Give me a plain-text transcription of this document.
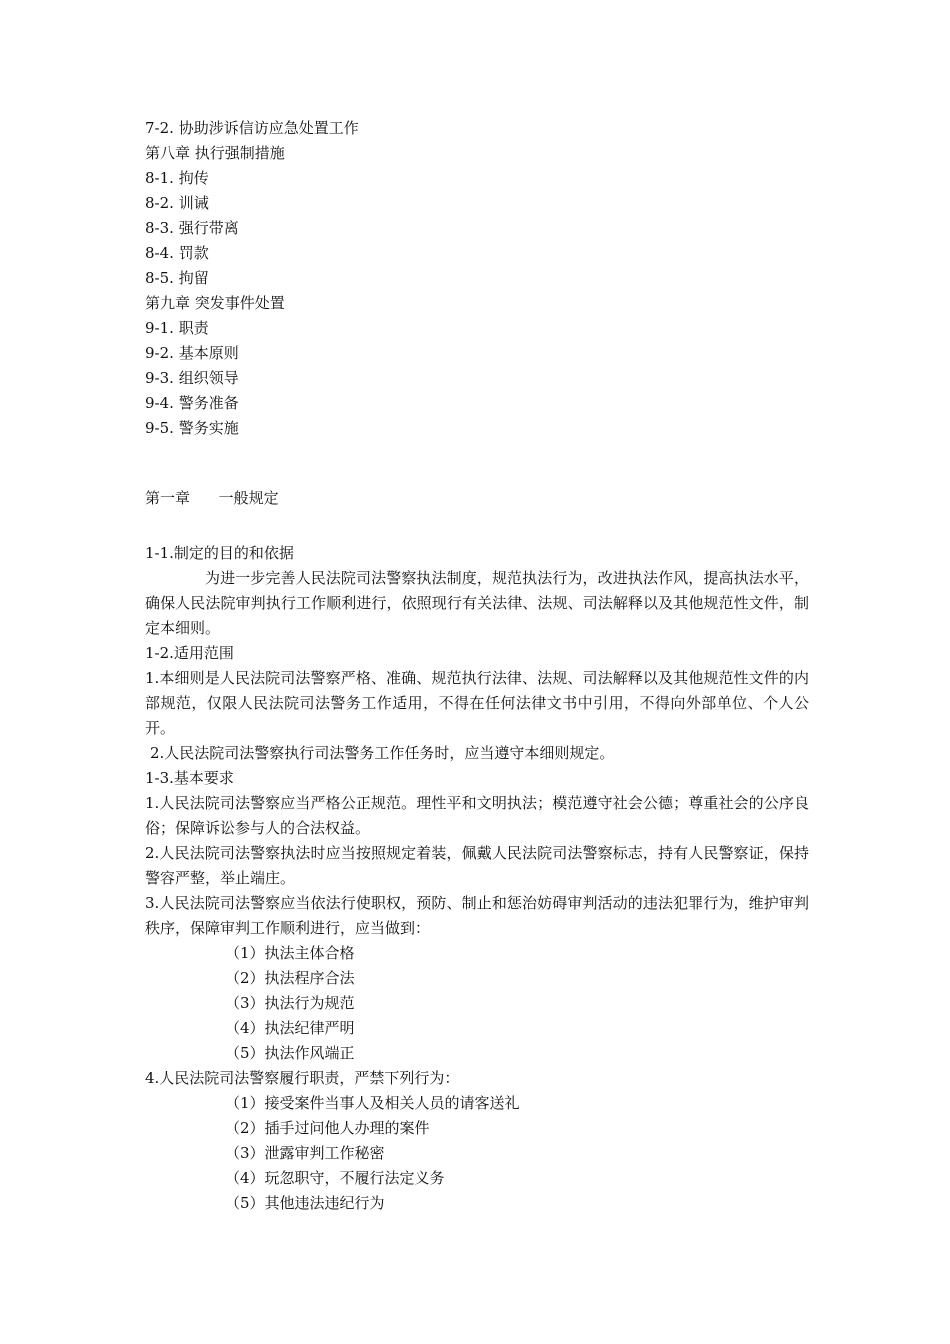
7-2. 协助涉诉信访应急处置工作
第八章 执行强制措施
8-1. 拘传
8-2. 训诫
8-3. 强行带离
8-4. 罚款
8-5. 拘留
第九章 突发事件处置
9-1. 职责
9-2. 基本原则
9-3. 组织领导
9-4. 警务准备
9-5. 警务实施
第一章      一般规定
1-1.制定的目的和依据
为进一步完善人民法院司法警察执法制度，规范执法行为，改进执法作风，提高执法水平，确保人民法院审判执行工作顺利进行，依照现行有关法律、法规、司法解释以及其他规范性文件，制定本细则。
1-2.适用范围
1.本细则是人民法院司法警察严格、准确、规范执行法律、法规、司法解释以及其他规范性文件的内部规范，仅限人民法院司法警务工作适用，不得在任何法律文书中引用，不得向外部单位、个人公开。
2.人民法院司法警察执行司法警务工作任务时，应当遵守本细则规定。
1-3.基本要求
1.人民法院司法警察应当严格公正规范。理性平和文明执法；模范遵守社会公德；尊重社会的公序良俗；保障诉讼参与人的合法权益。
2.人民法院司法警察执法时应当按照规定着装，佩戴人民法院司法警察标志，持有人民警察证，保持警容严整，举止端庄。
3.人民法院司法警察应当依法行使职权，预防、制止和惩治妨碍审判活动的违法犯罪行为，维护审判秩序，保障审判工作顺利进行，应当做到：
（1）执法主体合格
（2）执法程序合法
（3）执法行为规范
（4）执法纪律严明
（5）执法作风端正
4.人民法院司法警察履行职责，严禁下列行为：
（1）接受案件当事人及相关人员的请客送礼
（2）插手过问他人办理的案件
（3）泄露审判工作秘密
（4）玩忽职守，不履行法定义务
（5）其他违法违纪行为
